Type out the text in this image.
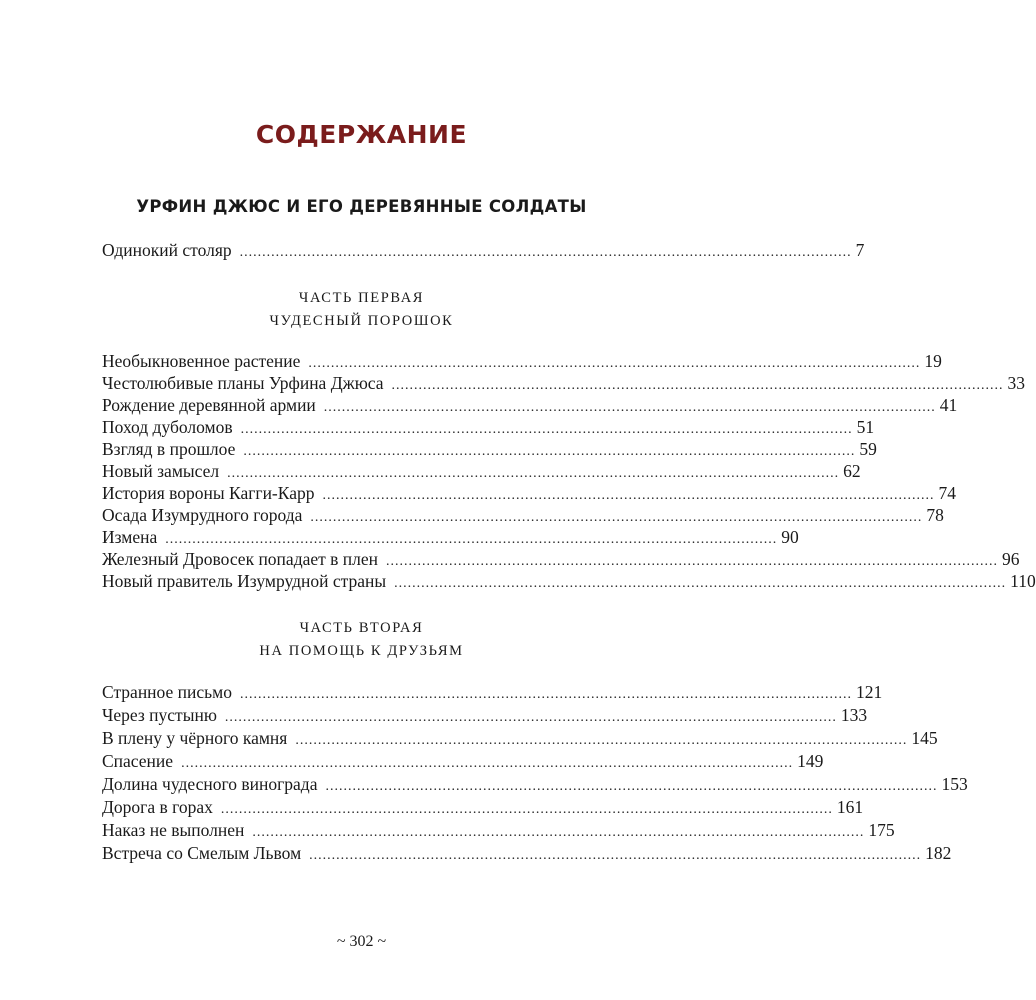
СОДЕРЖАНИЕ
УРФИН ДЖЮС И ЕГО ДЕРЕВЯННЫЕ СОЛДАТЫ
Одинокий столяр ........................................................................................................................................ 7
ЧАСТЬ ПЕРВАЯ
ЧУДЕСНЫЙ ПОРОШОК
Необыкновенное растение ........................................................................................................................................ 19
Честолюбивые планы Урфина Джюса ........................................................................................................................................ 33
Рождение деревянной армии ........................................................................................................................................ 41
Поход дуболомов ........................................................................................................................................ 51
Взгляд в прошлое ........................................................................................................................................ 59
Новый замысел ........................................................................................................................................ 62
История вороны Кагги-Карр ........................................................................................................................................ 74
Осада Изумрудного города ........................................................................................................................................ 78
Измена ........................................................................................................................................ 90
Железный Дровосек попадает в плен ........................................................................................................................................ 96
Новый правитель Изумрудной страны ........................................................................................................................................ 110
ЧАСТЬ ВТОРАЯ
НА ПОМОЩЬ К ДРУЗЬЯМ
Странное письмо ........................................................................................................................................ 121
Через пустыню ........................................................................................................................................ 133
В плену у чёрного камня ........................................................................................................................................ 145
Спасение ........................................................................................................................................ 149
Долина чудесного винограда ........................................................................................................................................ 153
Дорога в горах ........................................................................................................................................ 161
Наказ не выполнен ........................................................................................................................................ 175
Встреча со Смелым Львом ........................................................................................................................................ 182
~ 302 ~
